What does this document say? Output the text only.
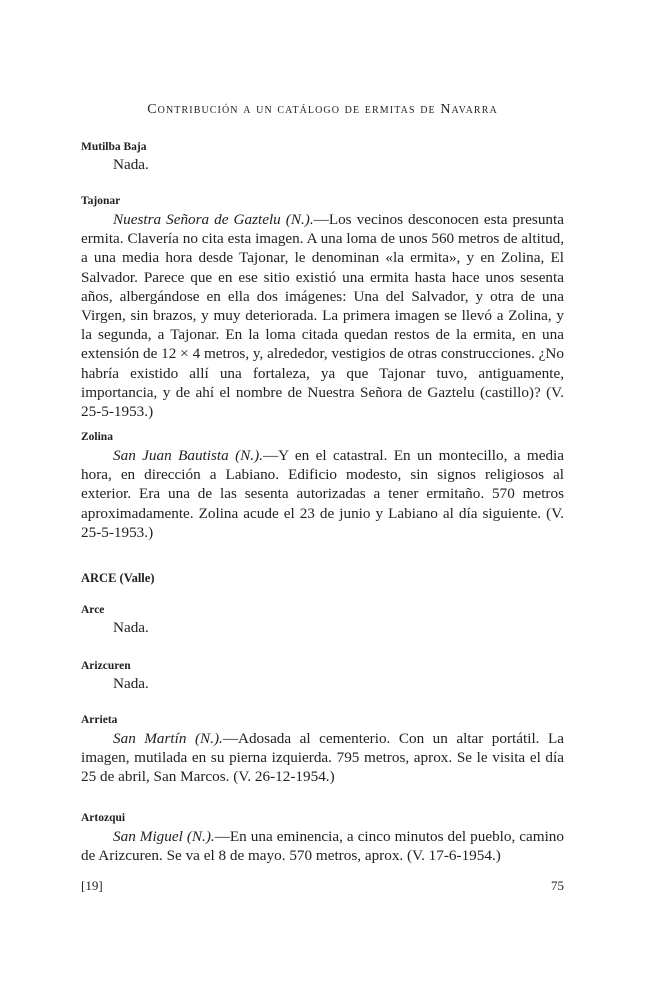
Contribución a un catálogo de ermitas de Navarra

Mutilba Baja

Nada.

Tajonar

Nuestra Señora de Gaztelu (N.).—Los vecinos desconocen esta presunta ermita. Clavería no cita esta imagen. A una loma de unos 560 metros de altitud, a una media hora desde Tajonar, le denominan «la ermita», y en Zolina, El Salvador. Parece que en ese sitio existió una ermita hasta hace unos sesenta años, albergándose en ella dos imágenes: Una del Salvador, y otra de una Virgen, sin brazos, y muy deteriorada. La primera imagen se llevó a Zolina, y la segunda, a Tajonar. En la loma citada quedan restos de la ermita, en una extensión de 12 × 4 metros, y, alrededor, vestigios de otras construcciones. ¿No habría existido allí una fortaleza, ya que Tajonar tuvo, antiguamente, importancia, y de ahí el nombre de Nuestra Señora de Gaztelu (castillo)? (V. 25-5-1953.)

Zolina

San Juan Bautista (N.).—Y en el catastral. En un montecillo, a media hora, en dirección a Labiano. Edificio modesto, sin signos religiosos al exterior. Era una de las sesenta autorizadas a tener ermitaño. 570 metros aproximadamente. Zolina acude el 23 de junio y Labiano al día siguiente. (V. 25-5-1953.)

ARCE (Valle)

Arce

Nada.

Arizcuren

Nada.

Arrieta

San Martín (N.).—Adosada al cementerio. Con un altar portátil. La imagen, mutilada en su pierna izquierda. 795 metros, aprox. Se le visita el día 25 de abril, San Marcos. (V. 26-12-1954.)

Artozqui

San Miguel (N.).—En una eminencia, a cinco minutos del pueblo, camino de Arizcuren. Se va el 8 de mayo. 570 metros, aprox. (V. 17-6-1954.)

[19]	75
